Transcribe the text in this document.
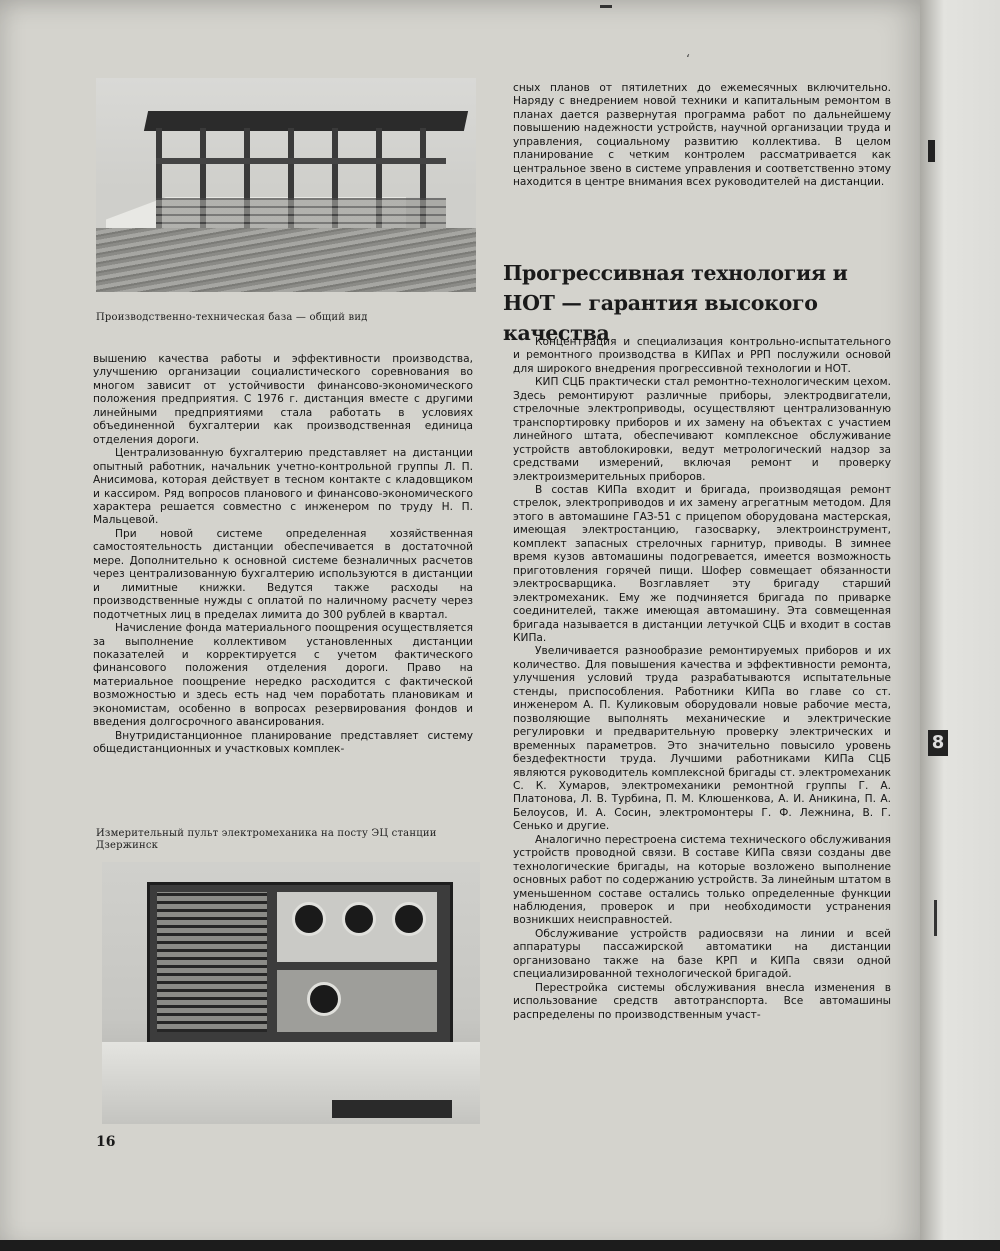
8
ʻ
Производственно-техническая база — общий вид

вышению качества работы и эффективности производства, улучшению организации социалистического соревнования во многом зависит от устойчивости финансово-экономического положения предприятия. С 1976 г. дистанция вместе с другими линейными предприятиями стала работать в условиях объединенной бухгалтерии как производственная единица отделения дороги.

Централизованную бухгалтерию представляет на дистанции опытный работник, начальник учетно-контрольной группы Л. П. Анисимова, которая действует в тесном контакте с кладовщиком и кассиром. Ряд вопросов планового и финансово-экономического характера решается совместно с инженером по труду Н. П. Мальцевой.

При новой системе определенная хозяйственная самостоятельность дистанции обеспечивается в достаточной мере. Дополнительно к основной системе безналичных расчетов через централизованную бухгалтерию используются в дистанции и лимитные книжки. Ведутся также расходы на производственные нужды с оплатой по наличному расчету через подотчетных лиц в пределах лимита до 300 рублей в квартал.

Начисление фонда материального поощрения осуществляется за выполнение коллективом установленных дистанции показателей и корректируется с учетом фактического финансового положения отделения дороги. Право на материальное поощрение нередко расходится с фактической возможностью и здесь есть над чем поработать плановикам и экономистам, особенно в вопросах резервирования фондов и введения долгосрочного авансирования.

Внутридистанционное планирование представляет систему общедистанционных и участковых комплек-

Измерительный пульт электромеханика на посту ЭЦ станции Дзержинск
16

сных планов от пятилетних до ежемесячных включительно. Наряду с внедрением новой техники и капитальным ремонтом в планах дается развернутая программа работ по дальнейшему повышению надежности устройств, научной организации труда и управления, социальному развитию коллектива. В целом планирование с четким контролем рассматривается как центральное звено в системе управления и соответственно этому находится в центре внимания всех руководителей на дистанции.

Прогрессивная технология и НОТ — гарантия высокого качества

Концентрация и специализация контрольно-испытательного и ремонтного производства в КИПах и РРП послужили основой для широкого внедрения прогрессивной технологии и НОТ.

КИП СЦБ практически стал ремонтно-технологическим цехом. Здесь ремонтируют различные приборы, электродвигатели, стрелочные электроприводы, осуществляют централизованную транспортировку приборов и их замену на объектах с участием линейного штата, обеспечивают комплексное обслуживание устройств автоблокировки, ведут метрологический надзор за средствами измерений, включая ремонт и проверку электроизмерительных приборов.

В состав КИПа входит и бригада, производящая ремонт стрелок, электроприводов и их замену агрегатным методом. Для этого в автомашине ГАЗ-51 с прицепом оборудована мастерская, имеющая электростанцию, газосварку, электроинструмент, комплект запасных стрелочных гарнитур, приводы. В зимнее время кузов автомашины подогревается, имеется возможность приготовления горячей пищи. Шофер совмещает обязанности электросварщика. Возглавляет эту бригаду старший электромеханик. Ему же подчиняется бригада по приварке соединителей, также имеющая автомашину. Эта совмещенная бригада называется в дистанции летучкой СЦБ и входит в состав КИПа.

Увеличивается разнообразие ремонтируемых приборов и их количество. Для повышения качества и эффективности ремонта, улучшения условий труда разрабатываются испытательные стенды, приспособления. Работники КИПа во главе со ст. инженером А. П. Куликовым оборудовали новые рабочие места, позволяющие выполнять механические и электрические регулировки и предварительную проверку электрических и временных параметров. Это значительно повысило уровень бездефектности труда. Лучшими работниками КИПа СЦБ являются руководитель комплексной бригады ст. электромеханик С. К. Хумаров, электромеханики ремонтной группы Г. А. Платонова, Л. В. Турбина, П. М. Клюшенкова, А. И. Аникина, П. А. Белоусов, И. А. Сосин, электромонтеры Г. Ф. Лежнина, В. Г. Сенько и другие.

Аналогично перестроена система технического обслуживания устройств проводной связи. В составе КИПа связи созданы две технологические бригады, на которые возложено выполнение основных работ по содержанию устройств. За линейным штатом в уменьшенном составе остались только определенные функции наблюдения, проверок и при необходимости устранения возникших неисправностей.

Обслуживание устройств радиосвязи на линии и всей аппаратуры пассажирской автоматики на дистанции организовано также на базе КРП и КИПа связи одной специализированной технологической бригадой.

Перестройка системы обслуживания внесла изменения в использование средств автотранспорта. Все автомашины распределены по производственным участ-
